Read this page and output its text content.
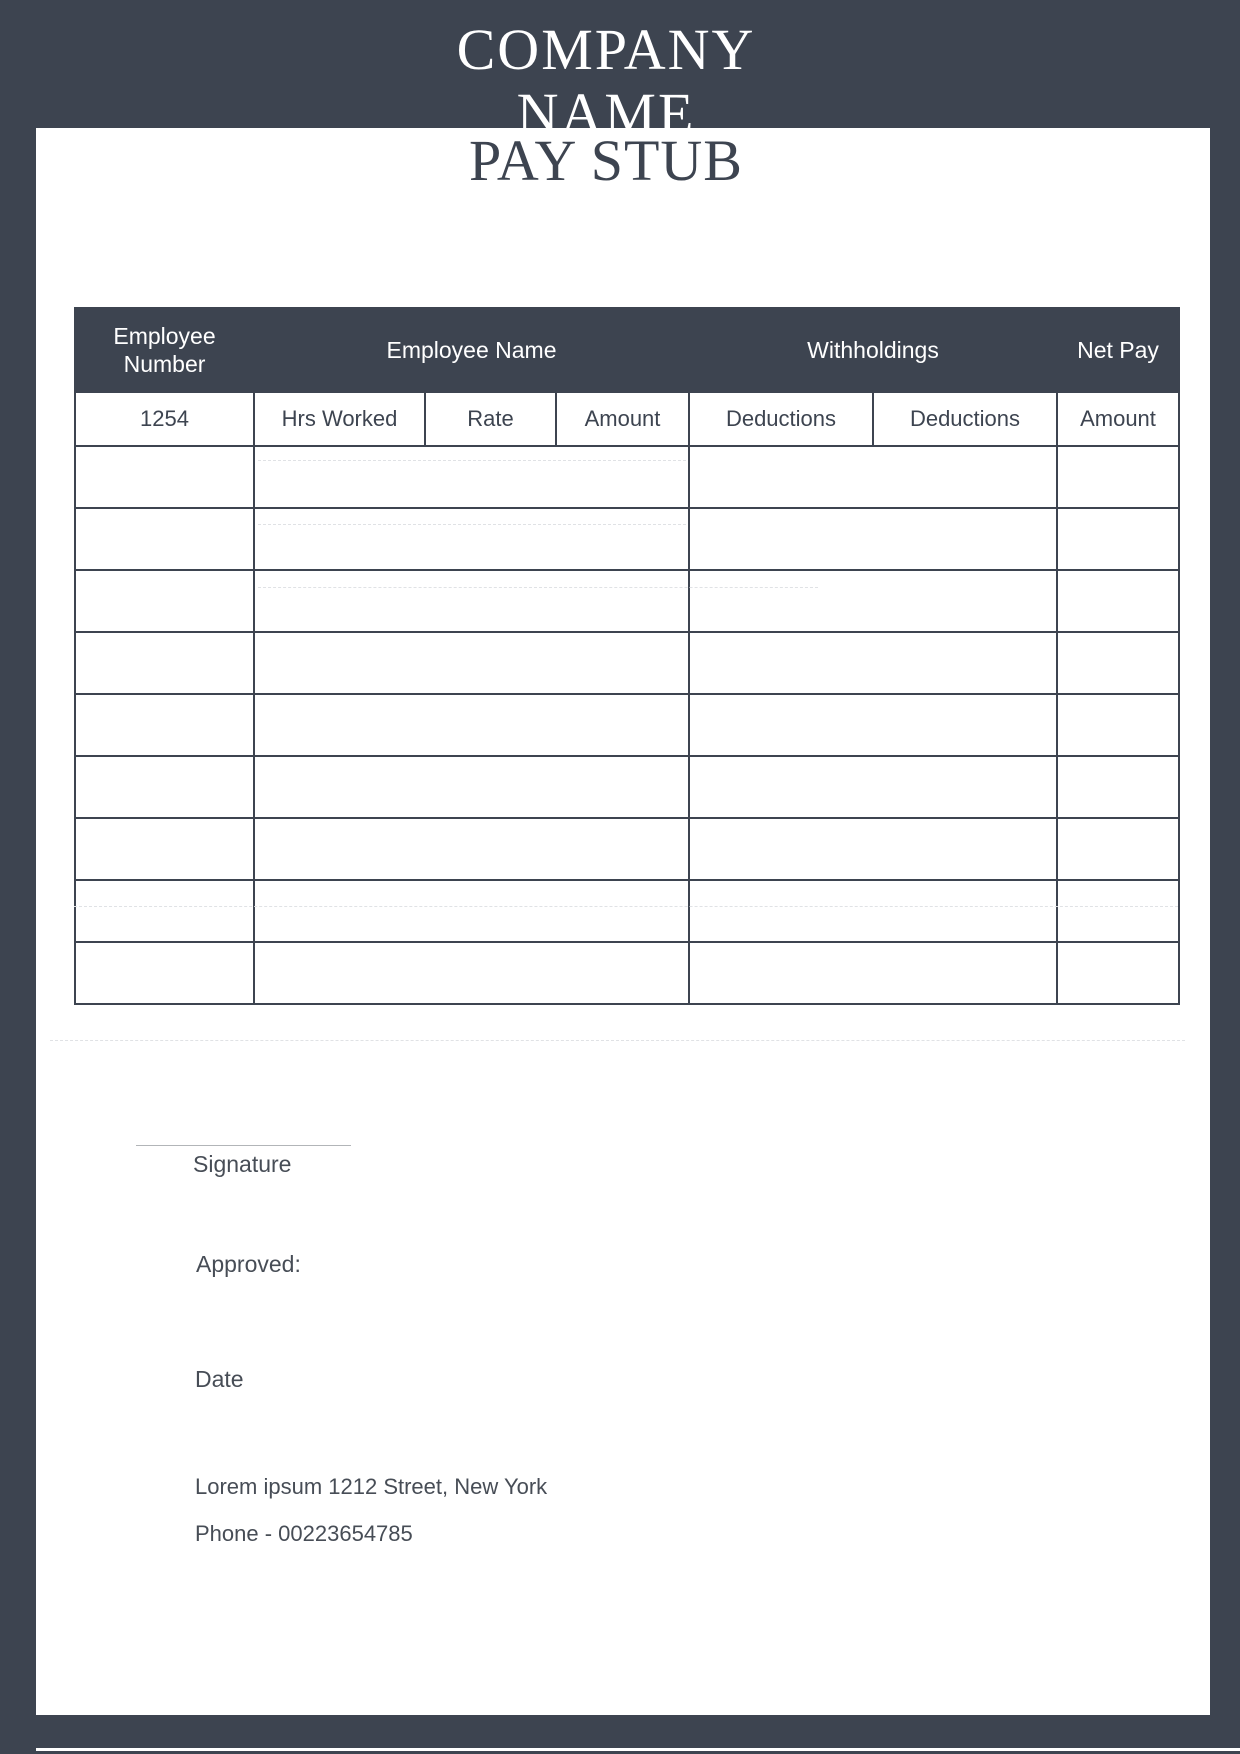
COMPANY
NAME
PAY STUB
Employee Number	Employee Name			Withholdings		Net Pay
1254	Hrs Worked	Rate	Amount	Deductions	Deductions	Amount

Signature
Approved:
Date
Lorem ipsum 1212 Street, New York
Phone - 00223654785
